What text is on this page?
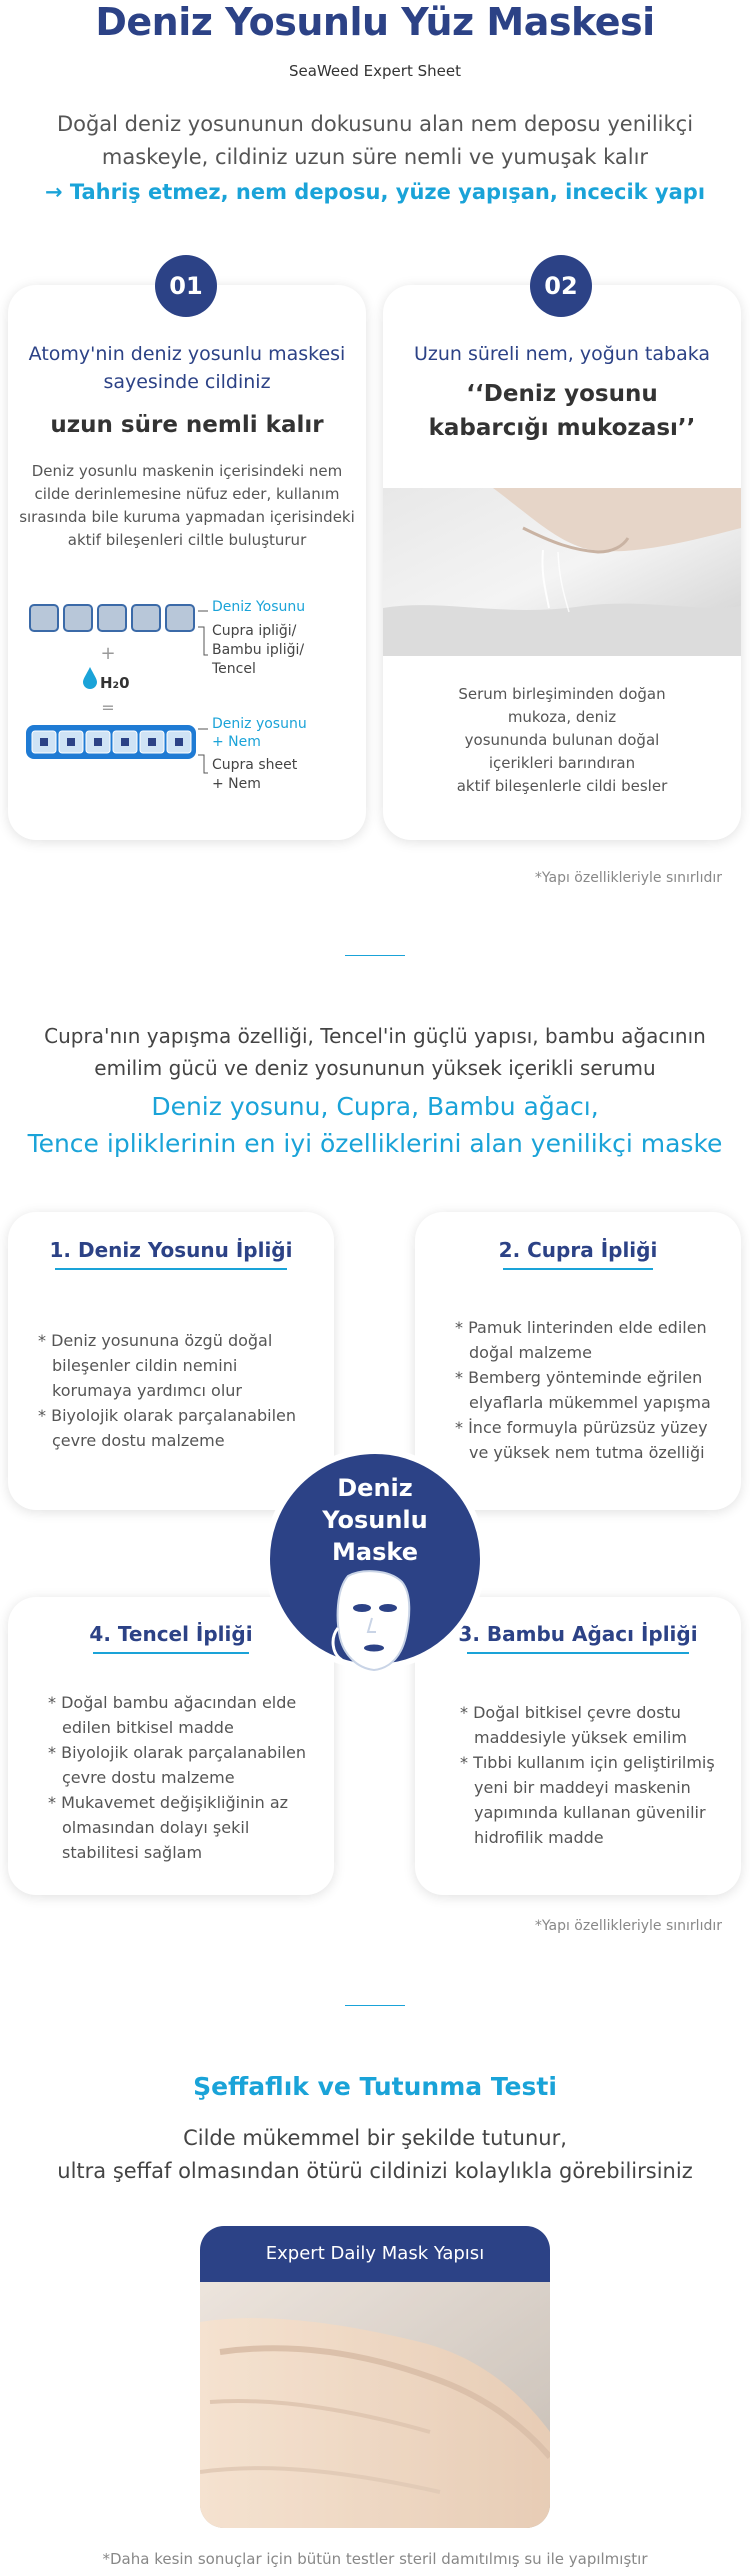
Deniz Yosunlu Yüz Maskesi
SeaWeed Expert Sheet
Doğal deniz yosununun dokusunu alan nem deposu yenilikçi
maskeyle, cildiniz uzun süre nemli ve yumuşak kalır
→ Tahriş etmez, nem deposu, yüze yapışan, incecik yapı
01
Atomy'nin deniz yosunlu maskesi
sayesinde cildiniz
uzun süre nemli kalır
Deniz yosunlu maskenin içerisindeki nem
cilde derinlemesine nüfuz eder, kullanım
sırasında bile kuruma yapmadan içerisindeki
aktif bileşenleri ciltle buluşturur
+
H₂0
=
Deniz Yosunu
Cupra ipliği/
Bambu ipliği/
Tencel
Deniz yosunu
+ Nem
Cupra sheet
+ Nem
02
Uzun süreli nem, yoğun tabaka
‘‘Deniz yosunu
kabarcığı mukozası’’
Serum birleşiminden doğan
mukoza, deniz
yosununda bulunan doğal
içerikleri barındıran
aktif bileşenlerle cildi besler
*Yapı özellikleriyle sınırlıdır
Cupra'nın yapışma özelliği, Tencel'in güçlü yapısı, bambu ağacının
emilim gücü ve deniz yosununun yüksek içerikli serumu
Deniz yosunu, Cupra, Bambu ağacı,
Tence ipliklerinin en iyi özelliklerini alan yenilikçi maske
1. Deniz Yosunu İpliği
* Deniz yosununa özgü doğal bileşenler cildin nemini korumaya yardımcı olur
* Biyolojik olarak parçalanabilen çevre dostu malzeme
2. Cupra İpliği
* Pamuk linterinden elde edilen doğal malzeme
* Bemberg yönteminde eğrilen elyaflarla mükemmel yapışma
* İnce formuyla pürüzsüz yüzey ve yüksek nem tutma özelliği
4. Tencel İpliği
* Doğal bambu ağacından elde edilen bitkisel madde
* Biyolojik olarak parçalanabilen çevre dostu malzeme
* Mukavemet değişikliğinin az olmasından dolayı şekil stabilitesi sağlam
3. Bambu Ağacı İpliği
* Doğal bitkisel çevre dostu maddesiyle yüksek emilim
* Tıbbi kullanım için geliştirilmiş yeni bir maddeyi maskenin yapımında kullanan güvenilir hidrofilik madde
Deniz
Yosunlu
Maske
*Yapı özellikleriyle sınırlıdır
Şeffaflık ve Tutunma Testi
Cilde mükemmel bir şekilde tutunur,
ultra şeffaf olmasından ötürü cildinizi kolaylıkla görebilirsiniz
Expert Daily Mask Yapısı
*Daha kesin sonuçlar için bütün testler steril damıtılmış su ile yapılmıştır
